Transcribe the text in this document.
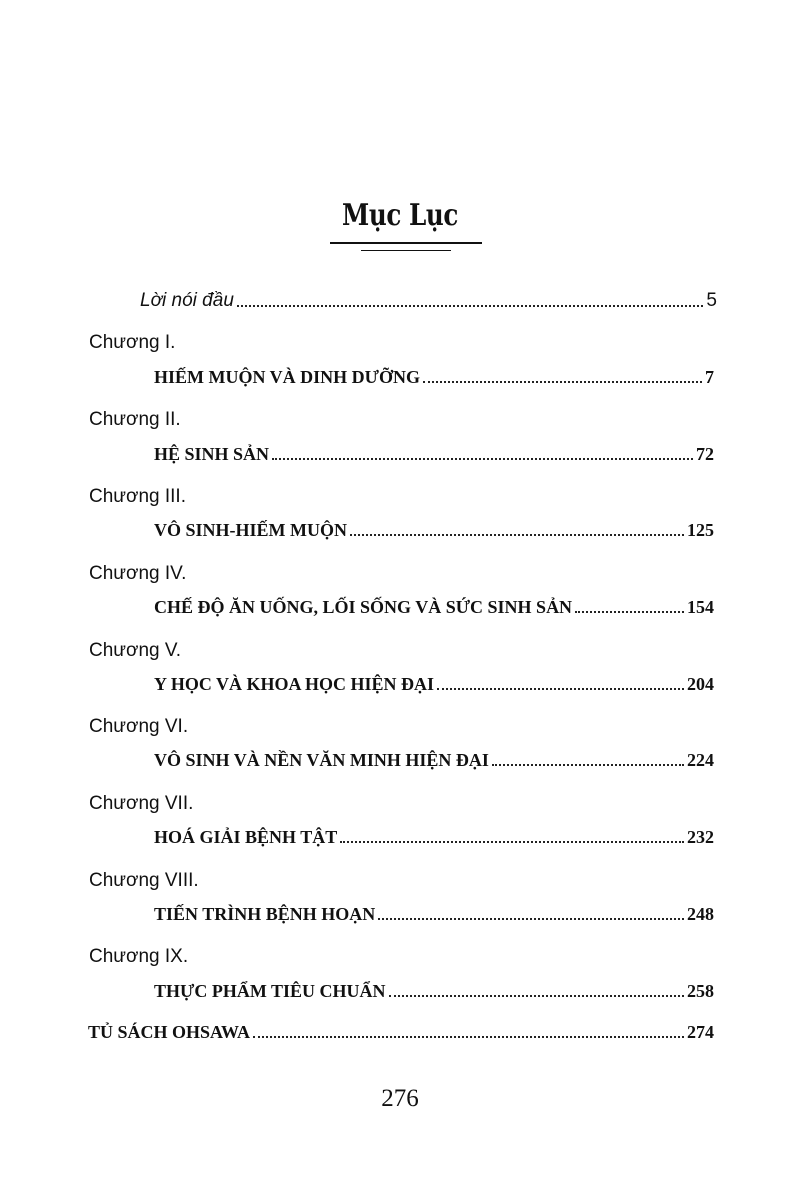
Mục Lục
Lời nói đầu	5
Chương I.
HIẾM MUỘN VÀ DINH DƯỠNG	7
Chương II.
HỆ SINH SẢN	72
Chương III.
VÔ SINH-HIẾM MUỘN	125
Chương IV.
CHẾ ĐỘ ĂN UỐNG, LỐI SỐNG VÀ SỨC SINH SẢN	154
Chương V.
Y HỌC VÀ KHOA HỌC HIỆN ĐẠI	204
Chương VI.
VÔ SINH VÀ NỀN VĂN MINH HIỆN ĐẠI	224
Chương VII.
HOÁ GIẢI BỆNH TẬT	232
Chương VIII.
TIẾN TRÌNH BỆNH HOẠN	248
Chương IX.
THỰC PHẨM TIÊU CHUẨN	258
TỦ SÁCH OHSAWA	274
276
